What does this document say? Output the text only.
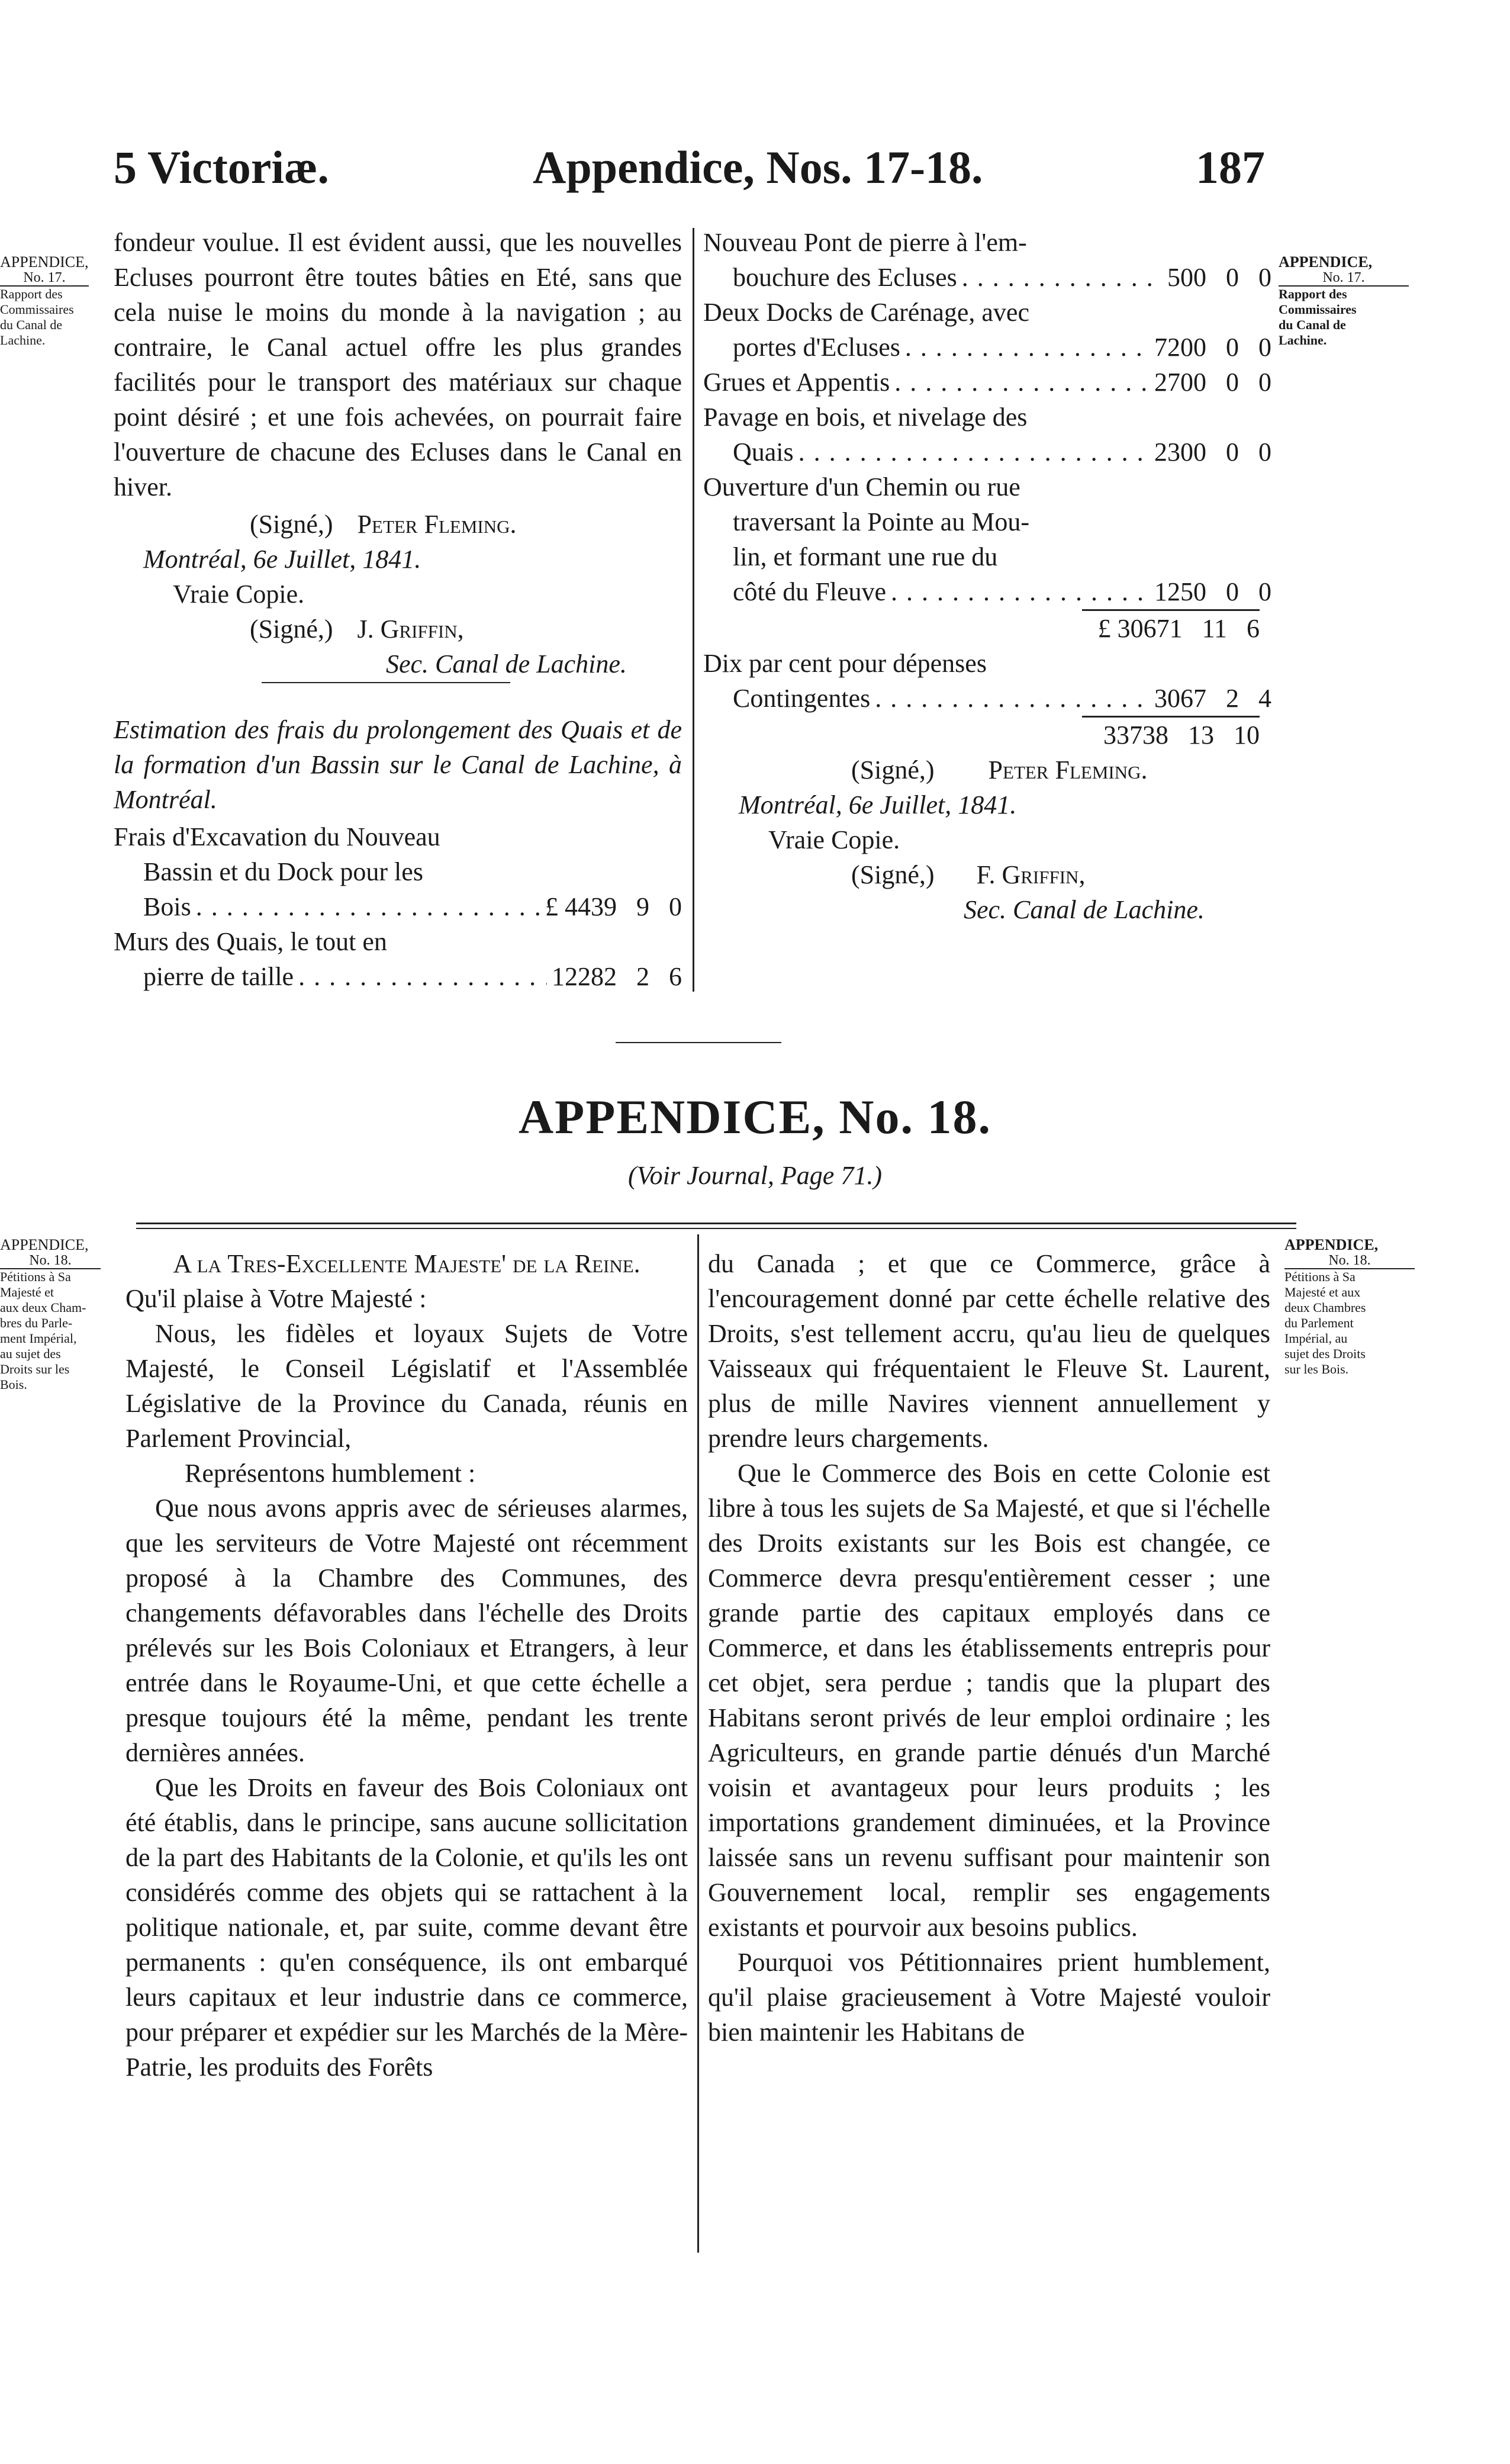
5 Victoriæ.	Appendice, Nos. 17-18.	187
APPENDICE,
No. 17.
Rapport des
Commissaires
du Canal de
Lachine.
APPENDICE,
No. 17.
Rapport des
Commissaires
du Canal de
Lachine.

fondeur voulue. Il est évident aussi, que les nouvelles Ecluses pourront être toutes bâties en Eté, sans que cela nuise le moins du monde à la navigation ; au contraire, le Canal actuel offre les plus grandes facilités pour le transport des matériaux sur chaque point désiré ; et une fois achevées, on pourrait faire l'ouverture de chacune des Ecluses dans le Canal en hiver.

(Signé,) Peter Fleming.
Montréal, 6e Juillet, 1841.
Vraie Copie.
(Signé,) J. Griffin,
Sec. Canal de Lachine.

Estimation des frais du prolongement des Quais et de la formation d'un Bassin sur le Canal de Lachine, à Montréal.

Frais d'Excavation du Nouveau
Bassin et du Dock pour les
Bois . . .	£ 4439 9 0
Murs des Quais, le tout en
pierre de taille . . .	12282 2 6
Nouveau Pont de pierre à l'em-
bouchure des Ecluses . . .	500 0 0
Deux Docks de Carénage, avec
portes d'Ecluses . . .	7200 0 0
Grues et Appentis . . .	2700 0 0
Pavage en bois, et nivelage des
Quais . . .	2300 0 0
Ouverture d'un Chemin ou rue
traversant la Pointe au Mou-
lin, et formant une rue du
côté du Fleuve . . .	1250 0 0
£ 30671 11 6
Dix par cent pour dépenses
Contingentes . . .	3067 2 4
33738 13 10
(Signé,) Peter Fleming.
Montréal, 6e Juillet, 1841.
Vraie Copie.
(Signé,) F. Griffin,
Sec. Canal de Lachine.
APPENDICE, No. 18.
(Voir Journal, Page 71.)
APPENDICE,
No. 18.
Pétitions à Sa
Majesté et
aux deux Cham-
bres du Parle-
ment Impérial,
au sujet des
Droits sur les
Bois.
APPENDICE,
No. 18.
Pétitions à Sa
Majesté et aux
deux Chambres
du Parlement
Impérial, au
sujet des Droits
sur les Bois.
A la Tres-Excellente Majeste' de la Reine.
Qu'il plaise à Votre Majesté :

Nous, les fidèles et loyaux Sujets de Votre Majesté, le Conseil Législatif et l'Assemblée Législative de la Province du Canada, réunis en Parlement Provincial,

Représentons humblement :

Que nous avons appris avec de sérieuses alarmes, que les serviteurs de Votre Majesté ont récemment proposé à la Chambre des Communes, des changements défavorables dans l'échelle des Droits prélevés sur les Bois Coloniaux et Etrangers, à leur entrée dans le Royaume-Uni, et que cette échelle a presque toujours été la même, pendant les trente dernières années.

Que les Droits en faveur des Bois Coloniaux ont été établis, dans le principe, sans aucune sollicitation de la part des Habitants de la Colonie, et qu'ils les ont considérés comme des objets qui se rattachent à la politique nationale, et, par suite, comme devant être permanents : qu'en conséquence, ils ont embarqué leurs capitaux et leur industrie dans ce commerce, pour préparer et expédier sur les Marchés de la Mère-Patrie, les produits des Forêts

du Canada ; et que ce Commerce, grâce à l'encouragement donné par cette échelle relative des Droits, s'est tellement accru, qu'au lieu de quelques Vaisseaux qui fréquentaient le Fleuve St. Laurent, plus de mille Navires viennent annuellement y prendre leurs chargements.

Que le Commerce des Bois en cette Colonie est libre à tous les sujets de Sa Majesté, et que si l'échelle des Droits existants sur les Bois est changée, ce Commerce devra presqu'entièrement cesser ; une grande partie des capitaux employés dans ce Commerce, et dans les établissements entrepris pour cet objet, sera perdue ; tandis que la plupart des Habitans seront privés de leur emploi ordinaire ; les Agriculteurs, en grande partie dénués d'un Marché voisin et avantageux pour leurs produits ; les importations grandement diminuées, et la Province laissée sans un revenu suffisant pour maintenir son Gouvernement local, remplir ses engagements existants et pourvoir aux besoins publics.

Pourquoi vos Pétitionnaires prient humblement, qu'il plaise gracieusement à Votre Majesté vouloir bien maintenir les Habitans de
